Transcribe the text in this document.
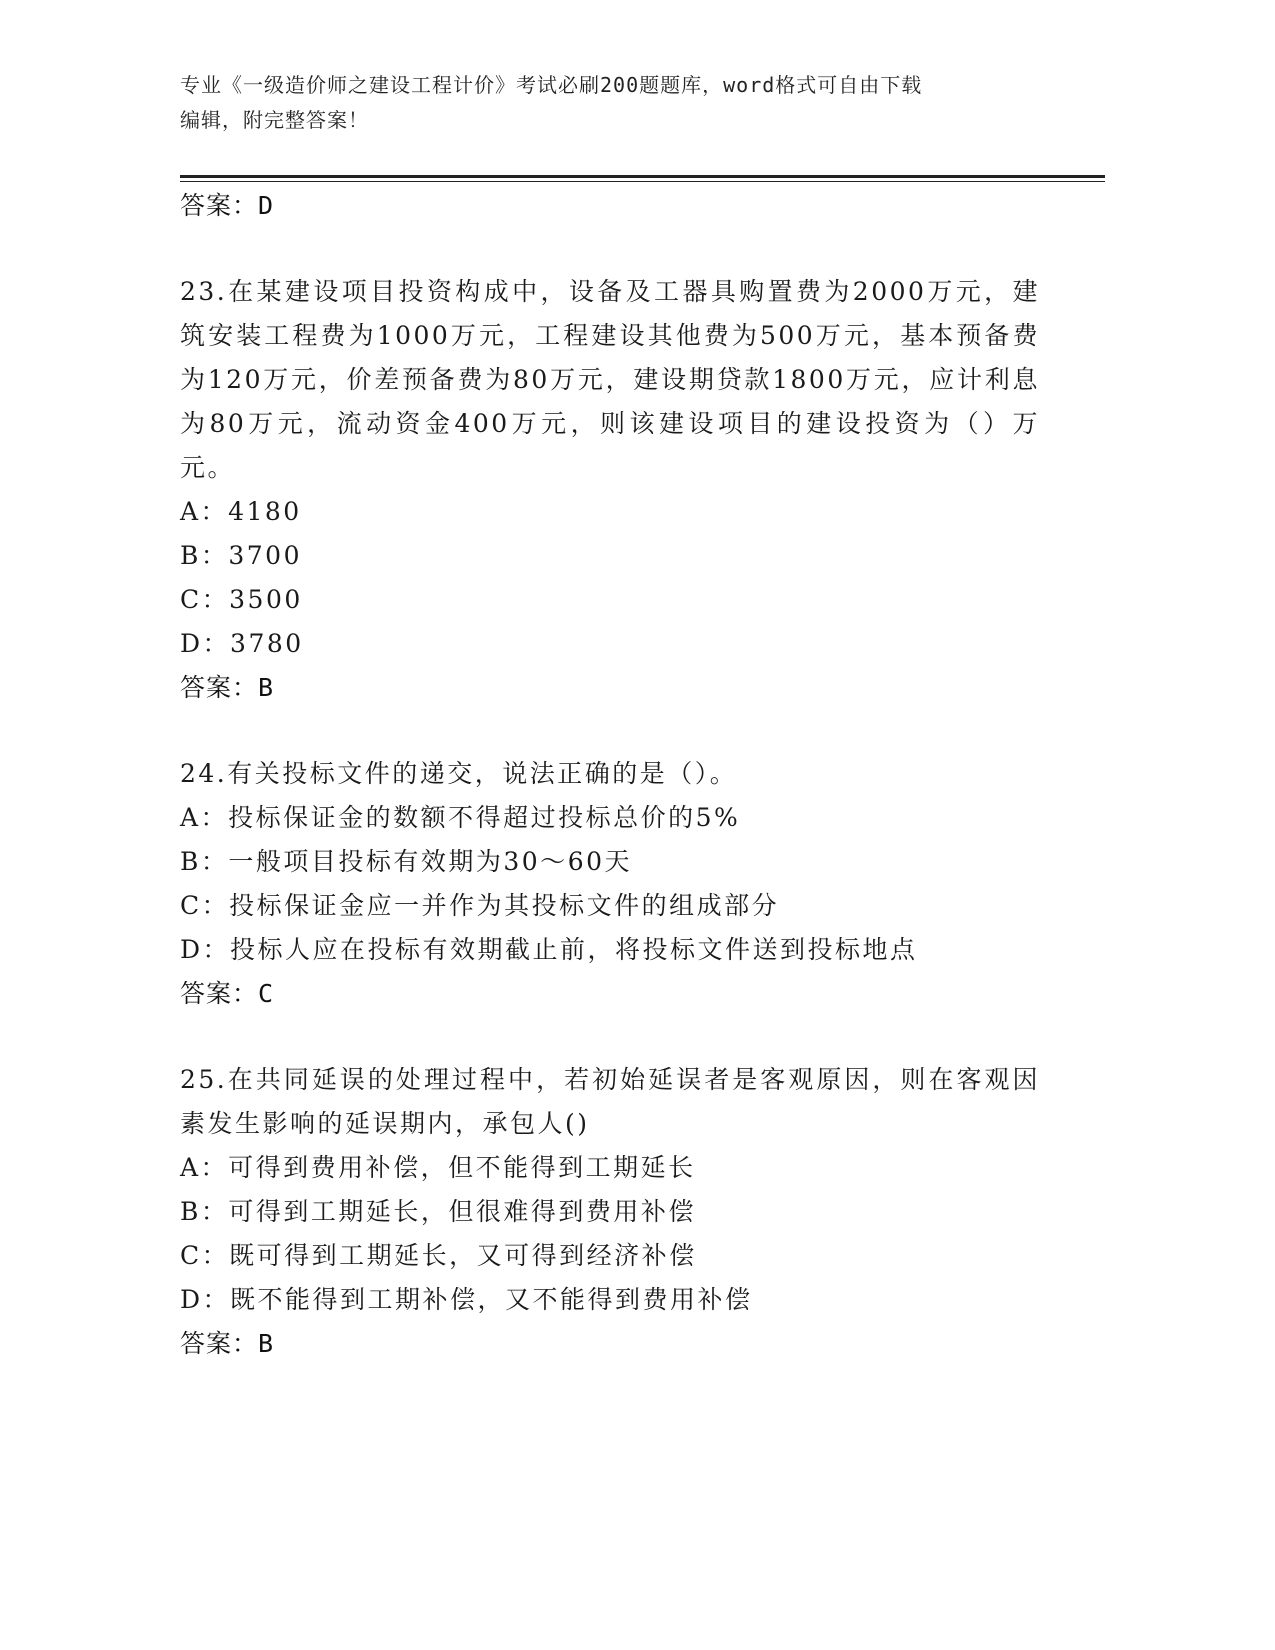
专业《一级造价师之建设工程计价》考试必刷200题题库，word格式可自由下载
编辑，附完整答案！
答案：D
23.在某建设项目投资构成中，设备及工器具购置费为2000万元，建筑安装工程费为1000万元，工程建设其他费为500万元，基本预备费为120万元，价差预备费为80万元，建设期贷款1800万元，应计利息为80万元，流动资金400万元，则该建设项目的建设投资为（）万元。
A：4180
B：3700
C：3500
D：3780
答案：B
24.有关投标文件的递交，说法正确的是（）。
A：投标保证金的数额不得超过投标总价的5%
B：一般项目投标有效期为30～60天
C：投标保证金应一并作为其投标文件的组成部分
D：投标人应在投标有效期截止前，将投标文件送到投标地点
答案：C
25.在共同延误的处理过程中，若初始延误者是客观原因，则在客观因素发生影响的延误期内，承包人()
A：可得到费用补偿，但不能得到工期延长
B：可得到工期延长，但很难得到费用补偿
C：既可得到工期延长，又可得到经济补偿
D：既不能得到工期补偿，又不能得到费用补偿
答案：B
